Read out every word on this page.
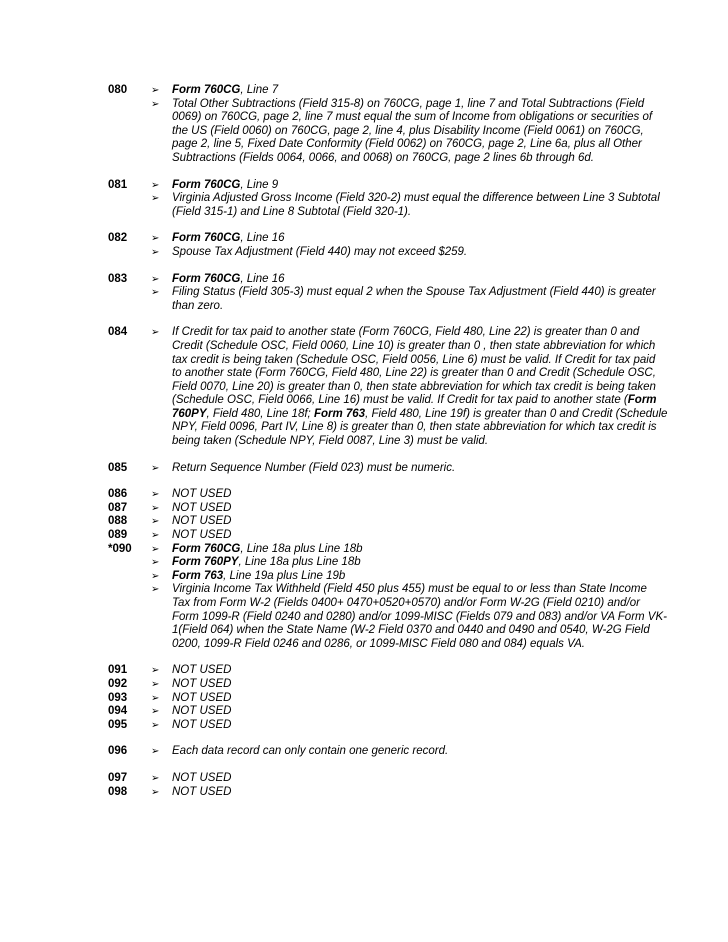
080	➢	Form 760CG, Line 7
➢	Total Other Subtractions (Field 315-8) on 760CG, page 1, line 7 and Total Subtractions (Field 0069) on 760CG, page 2, line 7 must equal the sum of Income from obligations or securities of the US (Field 0060) on 760CG, page 2, line 4, plus Disability Income (Field 0061) on 760CG, page 2, line 5, Fixed Date Conformity (Field 0062) on 760CG, page 2, Line 6a, plus all Other Subtractions (Fields 0064, 0066, and 0068) on 760CG, page 2 lines 6b through 6d.
081	➢	Form 760CG, Line 9
➢	Virginia Adjusted Gross Income (Field 320-2) must equal the difference between Line 3 Subtotal (Field 315-1) and Line 8 Subtotal (Field 320-1).
082	➢	Form 760CG, Line 16
➢	Spouse Tax Adjustment (Field 440) may not exceed $259.
083	➢	Form 760CG, Line 16
➢	Filing Status (Field 305-3) must equal 2 when the Spouse Tax Adjustment (Field 440) is greater than zero.
084	➢	If Credit for tax paid to another state (Form 760CG, Field 480, Line 22) is greater than 0 and Credit (Schedule OSC, Field 0060, Line 10) is greater than 0 , then state abbreviation for which tax credit is being taken (Schedule OSC, Field 0056, Line 6) must be valid. If Credit for tax paid to another state (Form 760CG, Field 480, Line 22) is greater than 0 and Credit (Schedule OSC, Field 0070, Line 20) is greater than 0, then state abbreviation for which tax credit is being taken (Schedule OSC, Field 0066, Line 16) must be valid. If Credit for tax paid to another state (Form 760PY, Field 480, Line 18f; Form 763, Field 480, Line 19f) is greater than 0 and Credit (Schedule NPY, Field 0096, Part IV, Line 8) is greater than 0, then state abbreviation for which tax credit is being taken (Schedule NPY, Field 0087, Line 3) must be valid.
085	➢	Return Sequence Number (Field 023) must be numeric.
086	➢	NOT USED
087	➢	NOT USED
088	➢	NOT USED
089	➢	NOT USED
*090	➢	Form 760CG, Line 18a plus Line 18b
➢	Form 760PY, Line 18a plus Line 18b
➢	Form 763, Line 19a plus Line 19b
➢	Virginia Income Tax Withheld (Field 450 plus 455) must be equal to or less than State Income Tax from Form W-2 (Fields 0400+ 0470+0520+0570) and/or Form W-2G (Field 0210) and/or Form 1099-R (Field 0240 and 0280) and/or 1099-MISC (Fields 079 and 083) and/or VA Form VK-1(Field 064) when the State Name (W-2 Field 0370 and 0440 and 0490 and 0540, W-2G Field 0200, 1099-R Field 0246 and 0286, or 1099-MISC Field 080 and 084) equals VA.
091	➢	NOT USED
092	➢	NOT USED
093	➢	NOT USED
094	➢	NOT USED
095	➢	NOT USED
096	➢	Each data record can only contain one generic record.
097	➢	NOT USED
098	➢	NOT USED
